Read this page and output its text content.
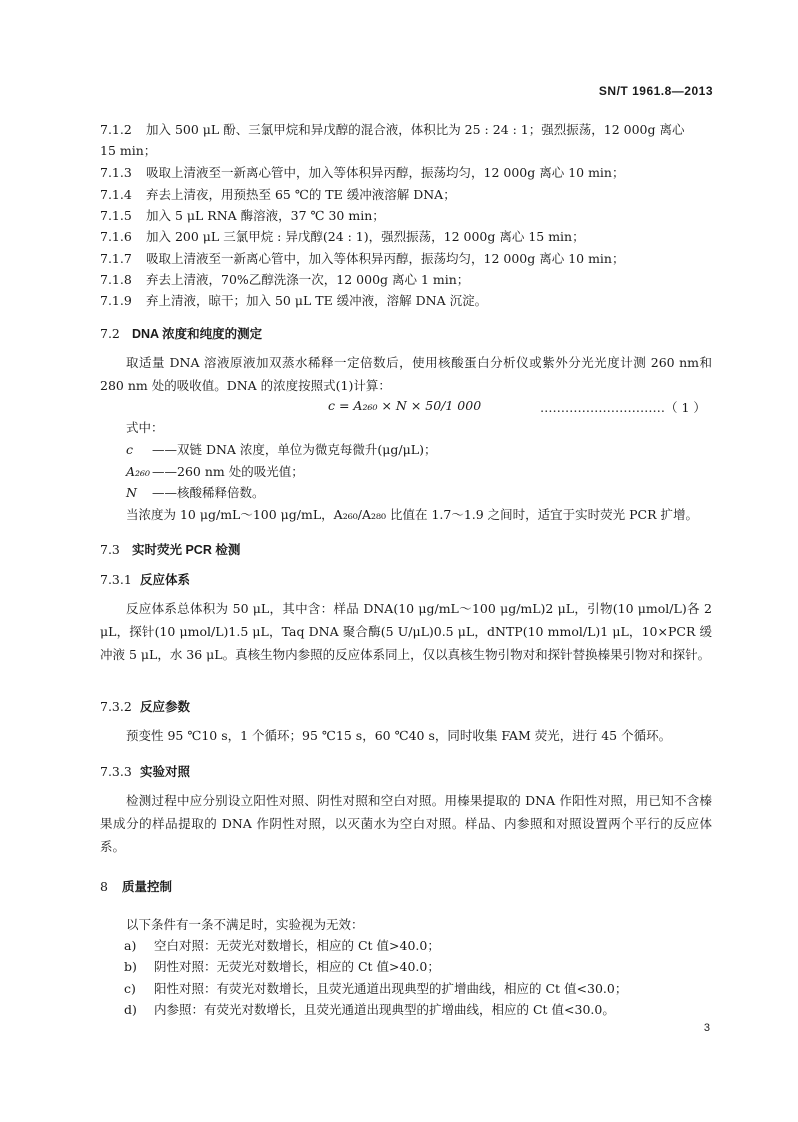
SN/T 1961.8—2013
7.1.2 加入 500 μL 酚、三氯甲烷和异戊醇的混合液，体积比为 25 : 24 : 1；强烈振荡，12 000g 离心
15 min；
7.1.3 吸取上清液至一新离心管中，加入等体积异丙醇，振荡均匀，12 000g 离心 10 min；
7.1.4 弃去上清夜，用预热至 65 ℃的 TE 缓冲液溶解 DNA；
7.1.5 加入 5 μL RNA 酶溶液，37 ℃ 30 min；
7.1.6 加入 200 μL 三氯甲烷 : 异戊醇(24 : 1)，强烈振荡，12 000g 离心 15 min；
7.1.7 吸取上清液至一新离心管中，加入等体积异丙醇，振荡均匀，12 000g 离心 10 min；
7.1.8 弃去上清液，70%乙醇洗涤一次，12 000g 离心 1 min；
7.1.9 弃上清液，晾干；加入 50 μL TE 缓冲液，溶解 DNA 沉淀。
7.2 DNA 浓度和纯度的测定
取适量 DNA 溶液原液加双蒸水稀释一定倍数后，使用核酸蛋白分析仪或紫外分光光度计测 260 nm和 280 nm 处的吸收值。DNA 的浓度按照式(1)计算：
c = A₂₆₀ × N × 50/1 000	…………………………（ 1 ）
式中：
c ——双链 DNA 浓度，单位为微克每微升(μg/μL)；
A₂₆₀ ——260 nm 处的吸光值；
N ——核酸稀释倍数。
当浓度为 10 μg/mL～100 μg/mL，A₂₆₀/A₂₈₀ 比值在 1.7～1.9 之间时，适宜于实时荧光 PCR 扩增。
7.3 实时荧光 PCR 检测
7.3.1 反应体系
反应体系总体积为 50 μL，其中含：样品 DNA(10 μg/mL～100 μg/mL)2 μL，引物(10 μmol/L)各 2 μL，探针(10 μmol/L)1.5 μL，Taq DNA 聚合酶(5 U/μL)0.5 μL，dNTP(10 mmol/L)1 μL，10×PCR 缓冲液 5 μL，水 36 μL。真核生物内参照的反应体系同上，仅以真核生物引物对和探针替换榛果引物对和探针。
7.3.2 反应参数
预变性 95 ℃10 s，1 个循环；95 ℃15 s，60 ℃40 s，同时收集 FAM 荧光，进行 45 个循环。
7.3.3 实验对照
检测过程中应分别设立阳性对照、阴性对照和空白对照。用榛果提取的 DNA 作阳性对照，用已知不含榛果成分的样品提取的 DNA 作阴性对照，以灭菌水为空白对照。样品、内参照和对照设置两个平行的反应体系。
8 质量控制
以下条件有一条不满足时，实验视为无效：
a) 空白对照：无荧光对数增长，相应的 Ct 值>40.0；
b) 阴性对照：无荧光对数增长，相应的 Ct 值>40.0；
c) 阳性对照：有荧光对数增长，且荧光通道出现典型的扩增曲线，相应的 Ct 值<30.0；
d) 内参照：有荧光对数增长，且荧光通道出现典型的扩增曲线，相应的 Ct 值<30.0。
3
